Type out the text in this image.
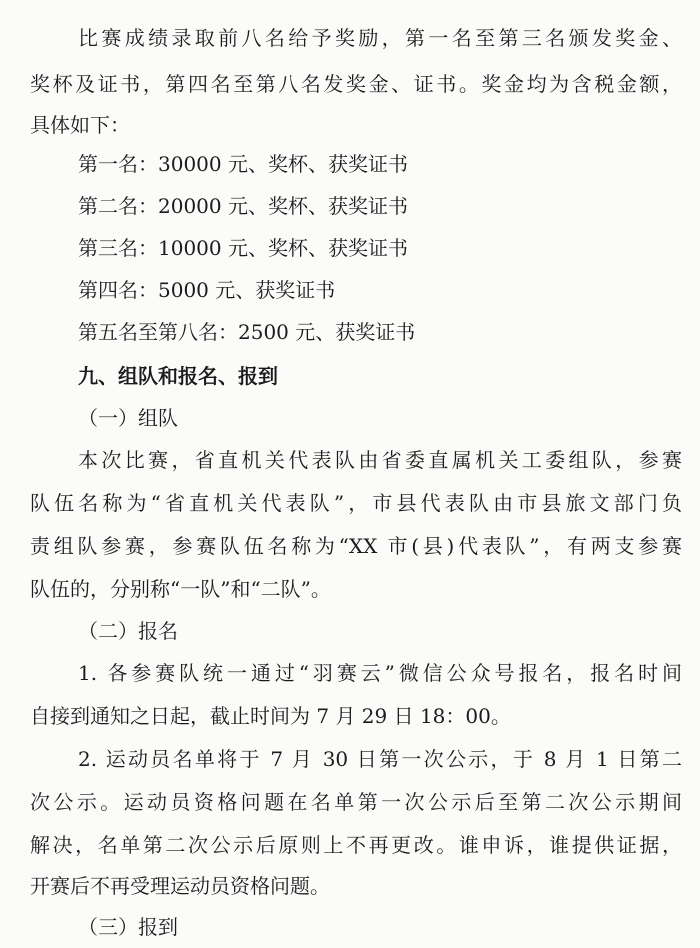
比赛成绩录取前八名给予奖励，第一名至第三名颁发奖金、
奖杯及证书，第四名至第八名发奖金、证书。奖金均为含税金额，
具体如下：
第一名：30000 元、奖杯、获奖证书
第二名：20000 元、奖杯、获奖证书
第三名：10000 元、奖杯、获奖证书
第四名：5000 元、获奖证书
第五名至第八名：2500 元、获奖证书
九、组队和报名、报到
（一）组队
本次比赛，省直机关代表队由省委直属机关工委组队，参赛
队伍名称为“省直机关代表队”，市县代表队由市县旅文部门负
责组队参赛，参赛队伍名称为“XX 市(县)代表队”，有两支参赛
队伍的，分别称“一队”和“二队”。
（二）报名
1. 各参赛队统一通过“羽赛云”微信公众号报名，报名时间
自接到通知之日起，截止时间为 7 月 29 日 18：00。
2. 运动员名单将于 7 月 30 日第一次公示，于 8 月 1 日第二
次公示。运动员资格问题在名单第一次公示后至第二次公示期间
解决，名单第二次公示后原则上不再更改。谁申诉，谁提供证据，
开赛后不再受理运动员资格问题。
（三）报到
